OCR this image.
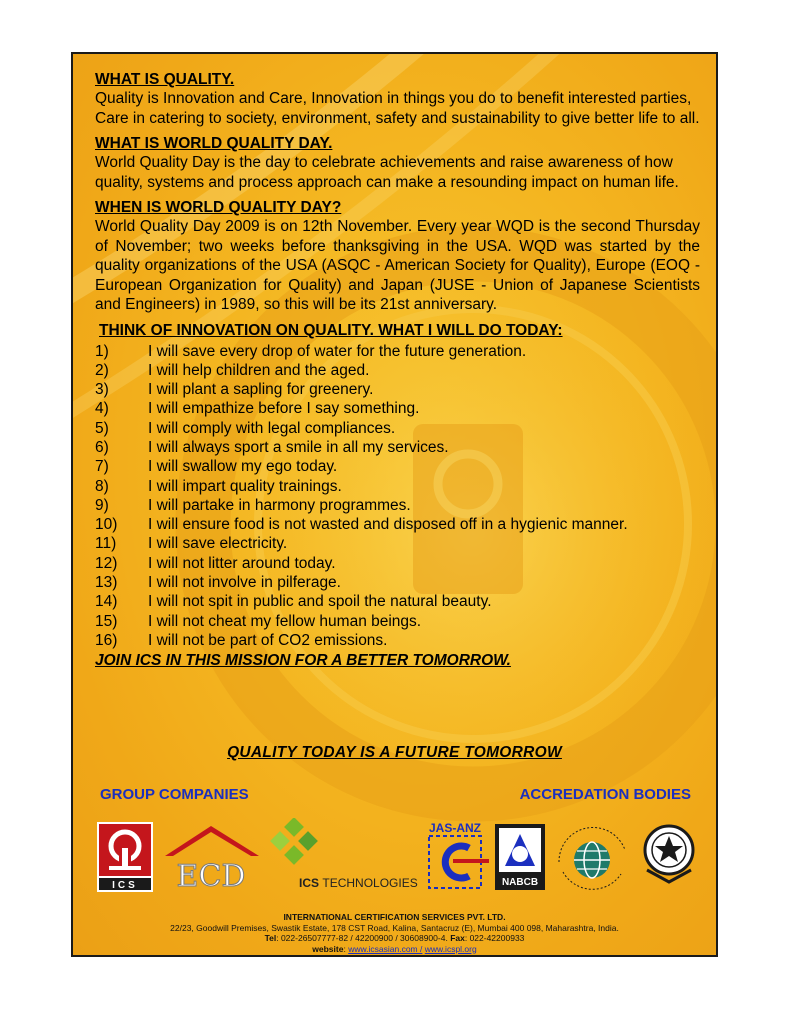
WHAT IS QUALITY.

Quality is Innovation and Care, Innovation in things you do to benefit interested parties, Care in catering to society, environment, safety and sustainability to give better life to all.

WHAT IS WORLD QUALITY DAY.

World Quality Day is the day to celebrate achievements and raise awareness of how quality, systems and process approach can make a resounding impact on human life.

WHEN IS WORLD QUALITY DAY?

World Quality Day 2009 is on 12th November. Every year WQD is the second Thursday of November; two weeks before thanksgiving in the USA. WQD was started by the quality organizations of the USA (ASQC - American Society for Quality), Europe (EOQ - European Organization for Quality) and Japan (JUSE - Union of Japanese Scientists and Engineers) in 1989, so this will be its 21st anniversary.

THINK OF INNOVATION ON QUALITY. WHAT I WILL DO TODAY:
1)	I will save every drop of water for the future generation.
2)	I will help children and the aged.
3)	I will plant a sapling for greenery.
4)	I will empathize before I say something.
5)	I will comply with legal compliances.
6)	I will always sport a smile in all my services.
7)	I will swallow my ego today.
8)	I will impart quality trainings.
9)	I will partake in harmony programmes.
10)	I will ensure food is not wasted and disposed off in a hygienic manner.
11)	I will save electricity.
12)	I will not litter around today.
13)	I will not involve in pilferage.
14)	I will not spit in public and spoil the natural beauty.
15)	I will not cheat my fellow human beings.
16)	I will not be part of CO2 emissions.
JOIN ICS IN THIS MISSION FOR A BETTER TOMORROW.
QUALITY TODAY IS A FUTURE TOMORROW
GROUP COMPANIES	ACCREDATION BODIES
ICS ECD	ICS TECHNOLOGIES
JAS-ANZ
NABCB
INTERNATIONAL CERTIFICATION SERVICES PVT. LTD.
22/23, Goodwill Premises, Swastik Estate, 178 CST Road, Kalina, Santacruz (E), Mumbai 400 098, Maharashtra, India.
Tel: 022-26507777-82 / 42200900 / 30608900-4. Fax: 022-42200933
website: www.icsasian.com / www.icspl.org
